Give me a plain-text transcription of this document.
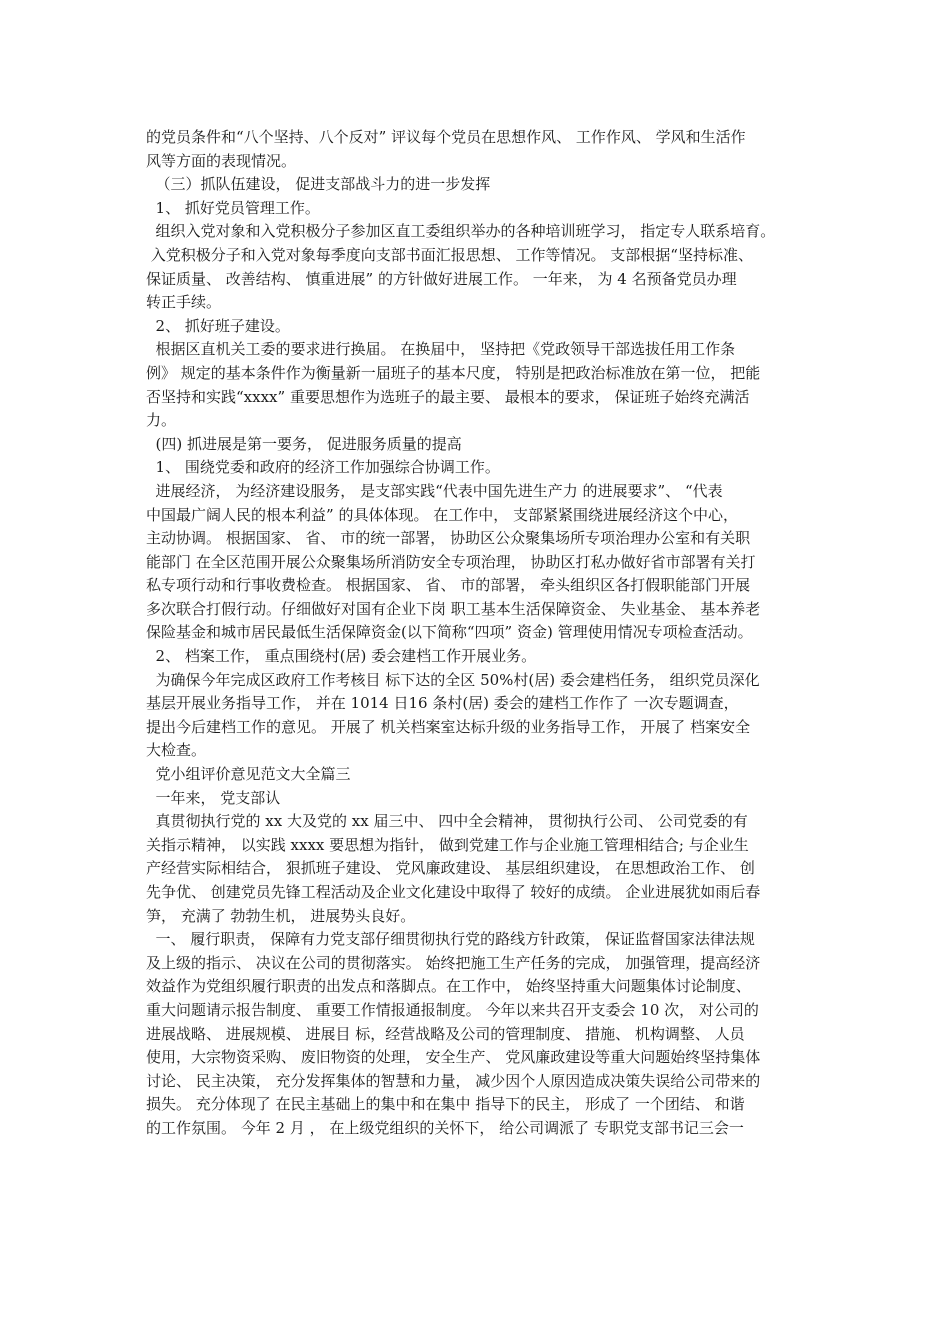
的党员条件和“八个坚持、八个反对” 评议每个党员在思想作风、 工作作风、 学风和生活作
风等方面的表现情况。
（三）抓队伍建设， 促进支部战斗力的进一步发挥
1、 抓好党员管理工作。
组织入党对象和入党积极分子参加区直工委组织举办的各种培训班学习， 指定专人联系培育。
入党积极分子和入党对象每季度向支部书面汇报思想、 工作等情况。 支部根据“坚持标准、
保证质量、 改善结构、 慎重进展” 的方针做好进展工作。 一年来， 为 4 名预备党员办理
转正手续。
2、 抓好班子建设。
根据区直机关工委的要求进行换届。 在换届中， 坚持把《党政领导干部选拔任用工作条
例》 规定的基本条件作为衡量新一届班子的基本尺度， 特别是把政治标准放在第一位， 把能
否坚持和实践“xxxx” 重要思想作为选班子的最主要、 最根本的要求， 保证班子始终充满活
力。
(四) 抓进展是第一要务， 促进服务质量的提高
1、 围绕党委和政府的经济工作加强综合协调工作。
进展经济， 为经济建设服务， 是支部实践“代表中国先进生产力 的进展要求”、 “代表
中国最广阔人民的根本利益” 的具体体现。 在工作中， 支部紧紧围绕进展经济这个中心，
主动协调。 根据国家、 省、 市的统一部署， 协助区公众聚集场所专项治理办公室和有关职
能部门 在全区范围开展公众聚集场所消防安全专项治理， 协助区打私办做好省市部署有关打
私专项行动和行事收费检查。 根据国家、 省、 市的部署， 牵头组织区各打假职能部门开展
多次联合打假行动。仔细做好对国有企业下岗 职工基本生活保障资金、 失业基金、 基本养老
保险基金和城市居民最低生活保障资金(以下简称“四项” 资金) 管理使用情况专项检查活动。
2、 档案工作， 重点围绕村(居) 委会建档工作开展业务。
为确保今年完成区政府工作考核目 标下达的全区 50%村(居) 委会建档任务， 组织党员深化
基层开展业务指导工作， 并在 1014 日16 条村(居) 委会的建档工作作了 一次专题调查，
提出今后建档工作的意见。 开展了 机关档案室达标升级的业务指导工作， 开展了 档案安全
大检查。
党小组评价意见范文大全篇三
一年来， 党支部认
真贯彻执行党的 xx 大及党的 xx 届三中、 四中全会精神， 贯彻执行公司、 公司党委的有
关指示精神， 以实践 xxxx 要思想为指针， 做到党建工作与企业施工管理相结合; 与企业生
产经营实际相结合， 狠抓班子建设、 党风廉政建设、 基层组织建设， 在思想政治工作、 创
先争优、 创建党员先锋工程活动及企业文化建设中取得了 较好的成绩。 企业进展犹如雨后春
笋， 充满了 勃勃生机， 进展势头良好。
一、 履行职责， 保障有力党支部仔细贯彻执行党的路线方针政策， 保证监督国家法律法规
及上级的指示、 决议在公司的贯彻落实。 始终把施工生产任务的完成， 加强管理，提高经济
效益作为党组织履行职责的出发点和落脚点。在工作中， 始终坚持重大问题集体讨论制度、
重大问题请示报告制度、 重要工作情报通报制度。 今年以来共召开支委会 10 次， 对公司的
进展战略、 进展规模、 进展目 标，经营战略及公司的管理制度、 措施、 机构调整、 人员
使用，大宗物资采购、 废旧物资的处理， 安全生产、 党风廉政建设等重大问题始终坚持集体
讨论、 民主决策， 充分发挥集体的智慧和力量， 减少因个人原因造成决策失误给公司带来的
损失。 充分体现了 在民主基础上的集中和在集中 指导下的民主， 形成了 一个团结、 和谐
的工作氛围。 今年 2 月 ， 在上级党组织的关怀下， 给公司调派了 专职党支部书记三会一
